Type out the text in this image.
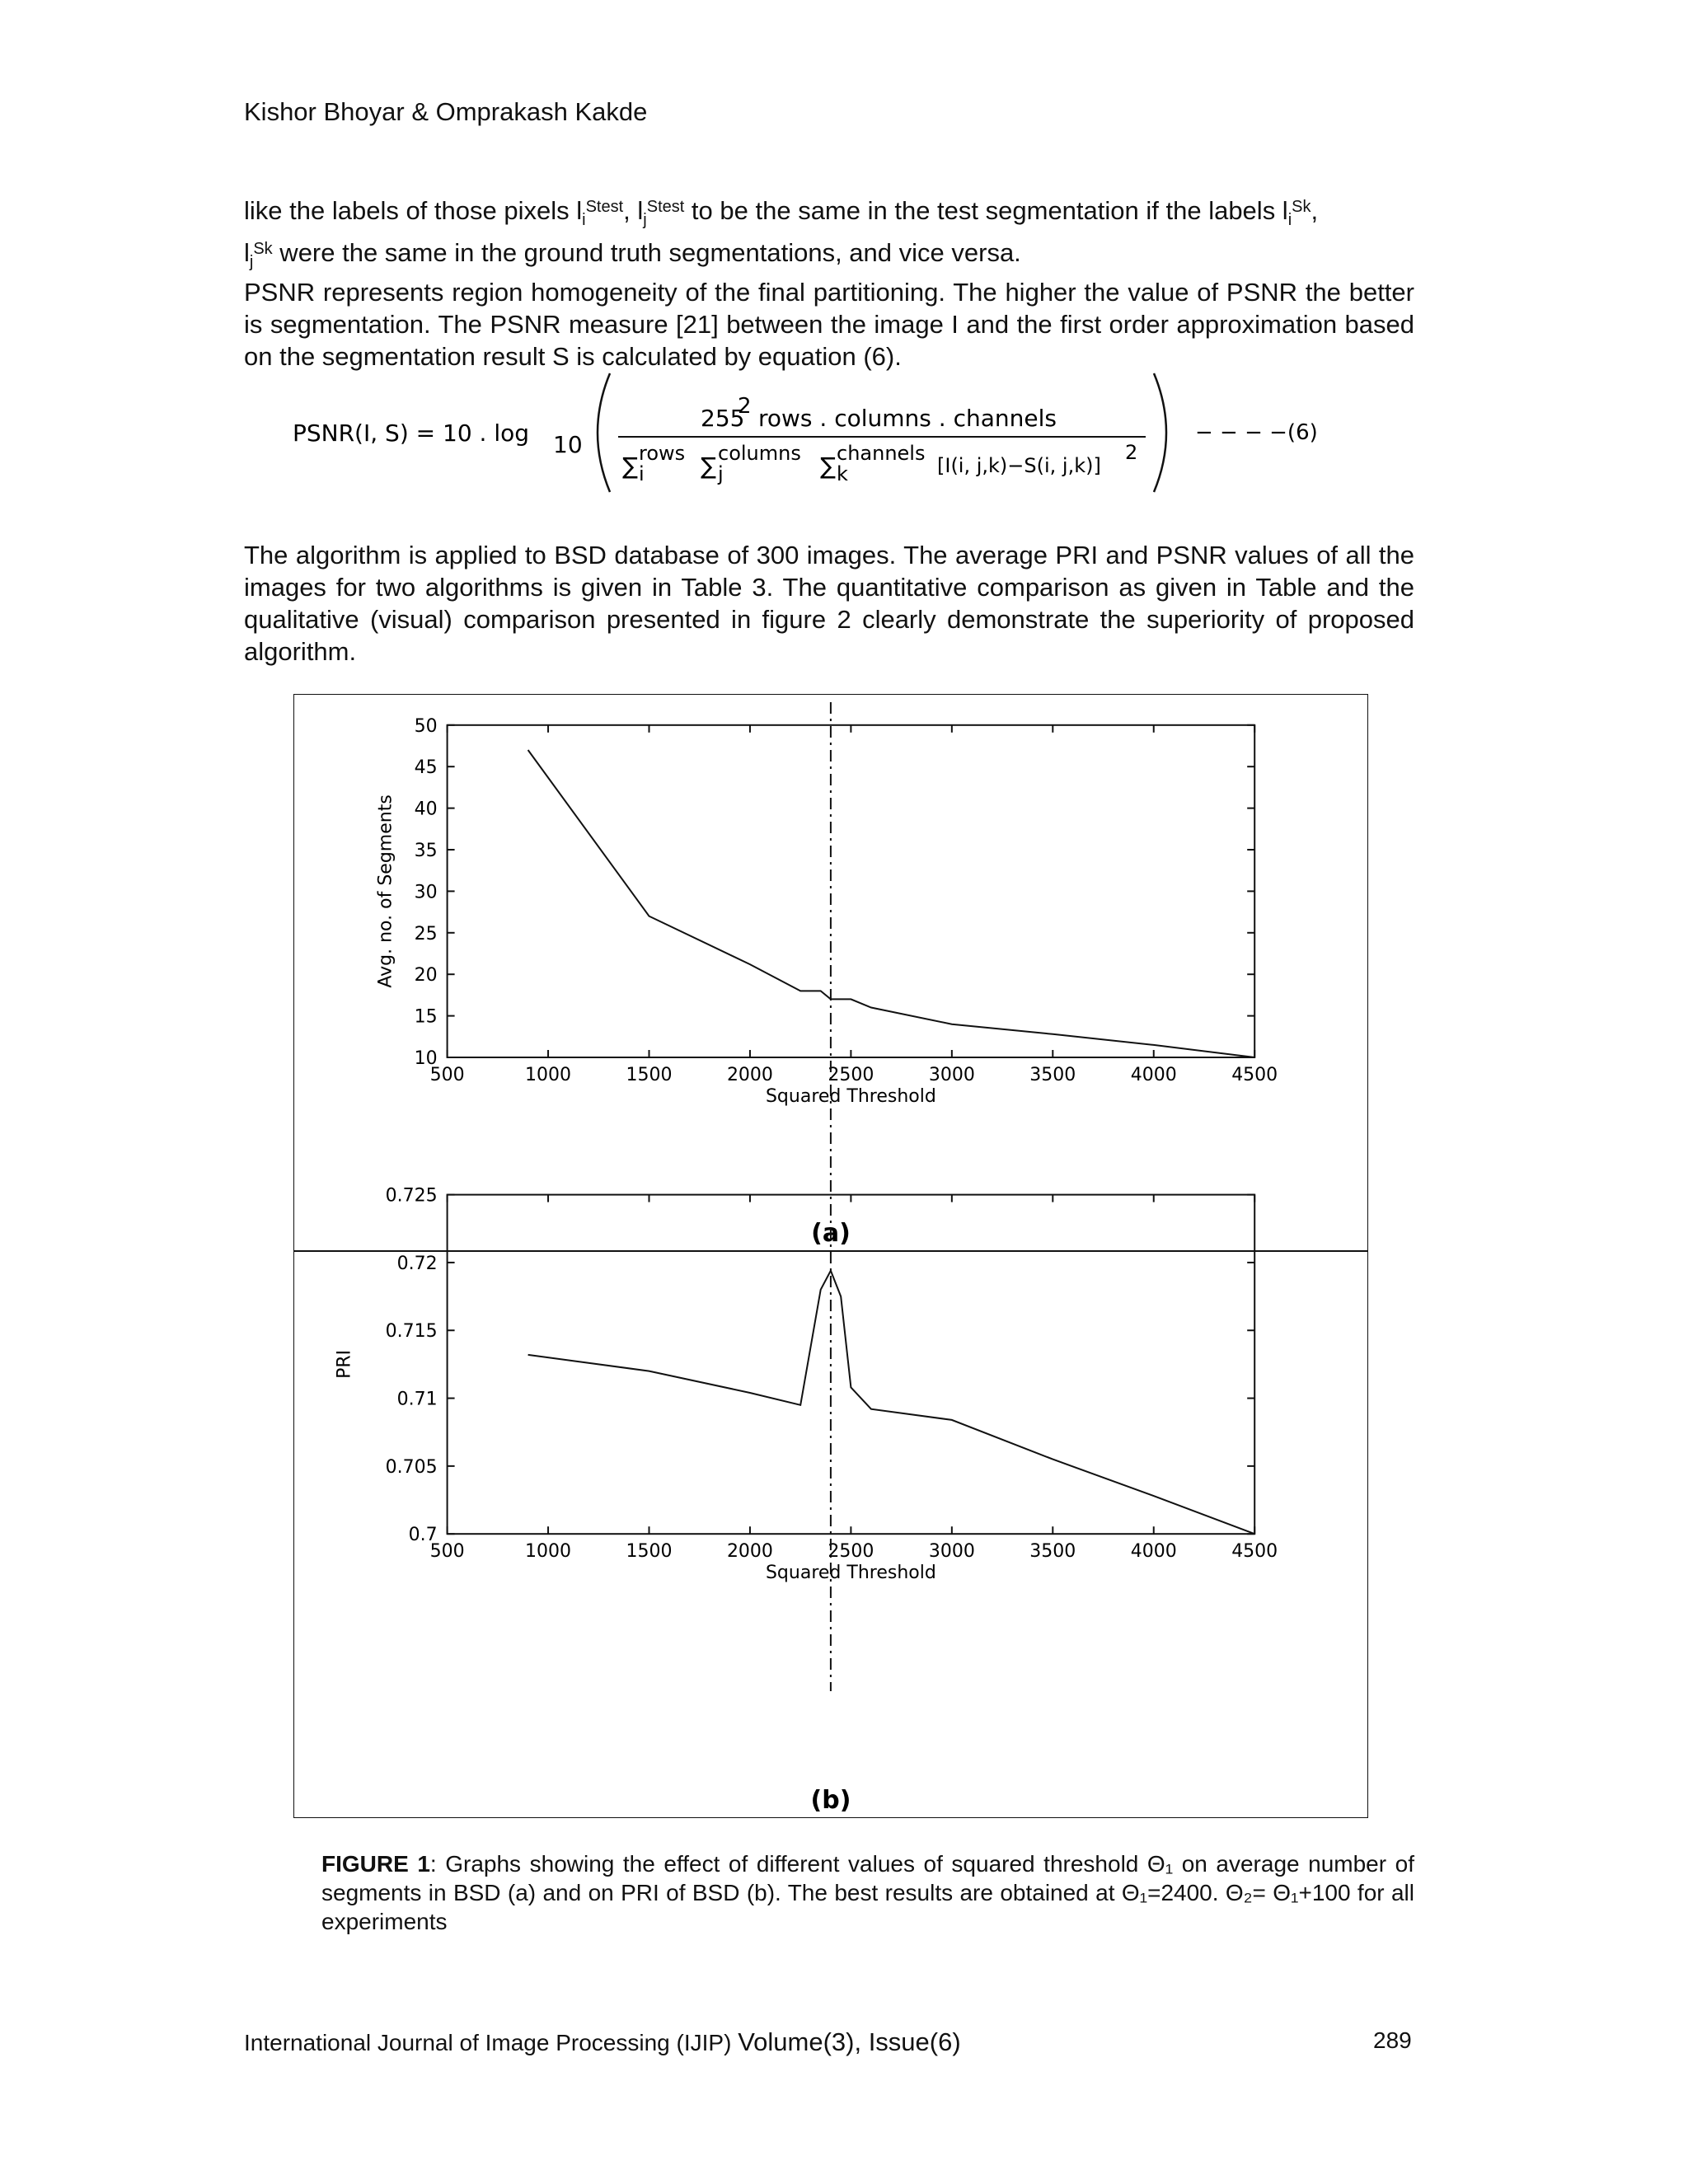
Kishor Bhoyar & Omprakash Kakde
like the labels of those pixels $l_i^{Stest}$, $l_j^{Stest}$ to be the same in the test segmentation if the labels $l_i^{Sk}$,
$l_j^{Sk}$ were the same in the ground truth segmentations, and vice versa.
PSNR represents region homogeneity of the final partitioning. The higher the value of PSNR the better is segmentation. The PSNR measure [21] between the image I and the first order approximation based on the segmentation result S is calculated by equation (6).
PSNR(I, S) = 10 . log 10
255
2 rows . columns . channels
∑ rows
i ∑ columns
j	∑ channels
k	[I(i, j,k)−S(i, j,k)]
2
− − − −(6)
The algorithm is applied to BSD database of 300 images. The average PRI and PSNR values of all the images for two algorithms is given in Table 3. The quantitative comparison as given in Table and the qualitative (visual) comparison presented in figure 2 clearly demonstrate the superiority of proposed algorithm.
500	1000	1500	2000	2500	3000	3500	4000	4500
10
15
20
25
30
35
40
45
50
Squared Threshold
Avg. no. of Segments
500	1000	1500	2000	2500	3000	3500	4000	4500
0.7
0.705
0.71
0.715
0.72
0.725
Squared Threshold
PRI
(a)
(b)
FIGURE 1: Graphs showing the effect of different values of squared threshold Θ₁ on average number of segments in BSD (a) and on PRI of BSD (b). The best results are obtained at Θ₁=2400. Θ₂= Θ₁+100 for all experiments
International Journal of Image Processing (IJIP) Volume(3), Issue(6)	289
